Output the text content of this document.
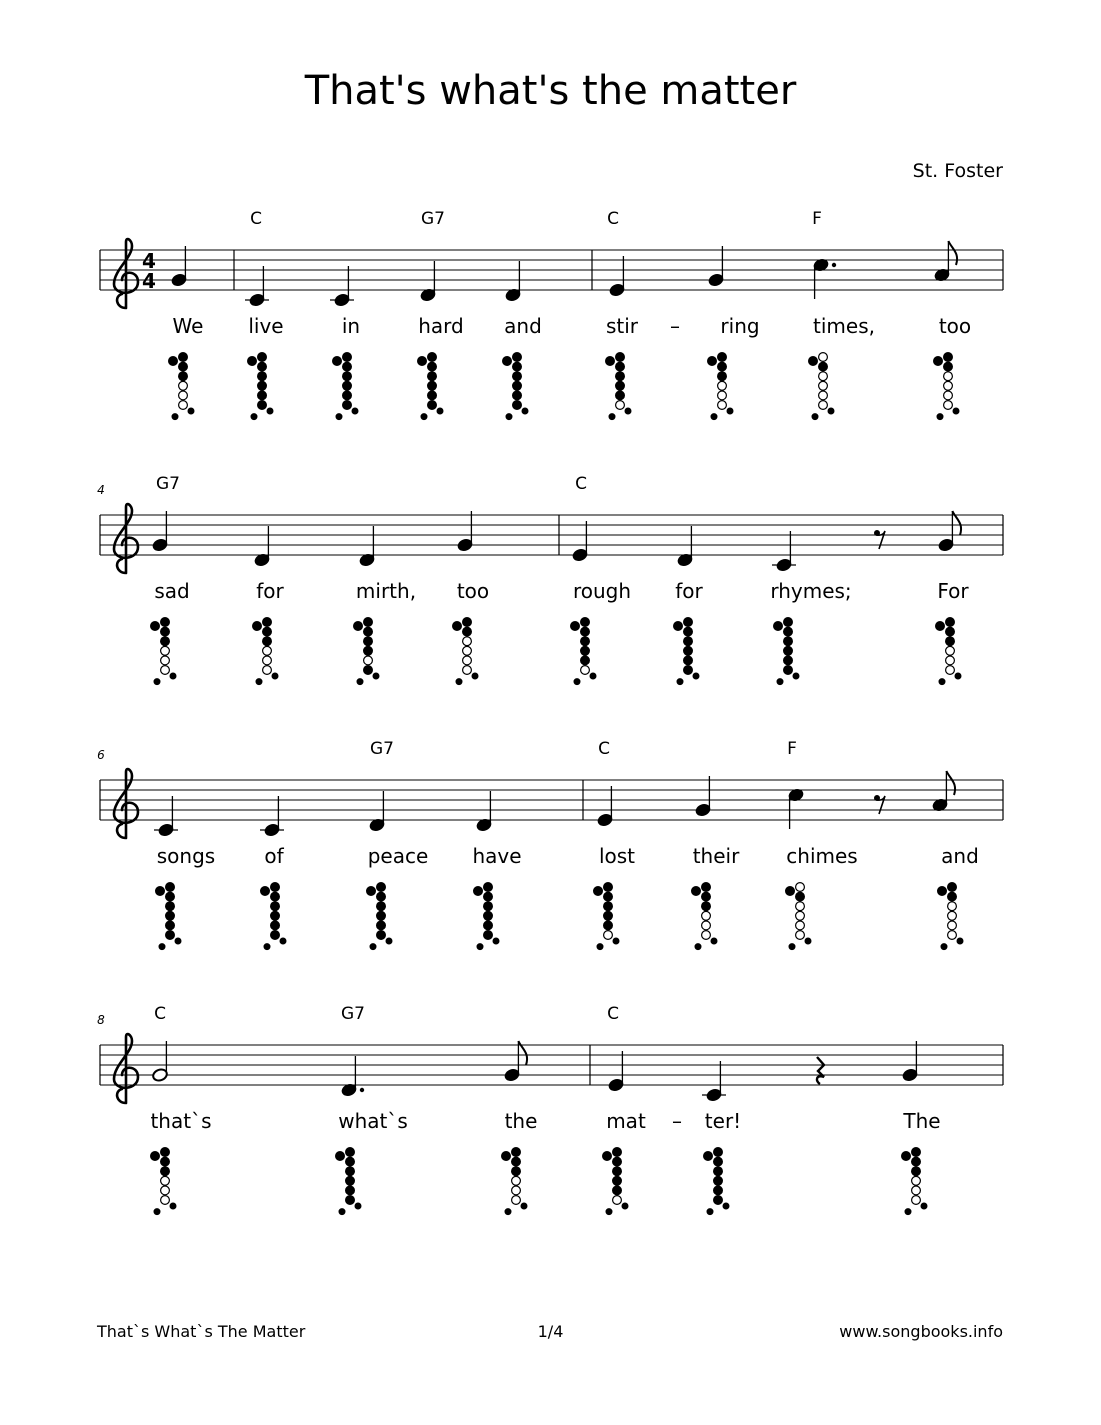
That's what's the matter
St. Foster
4
4
C	G7	C	F
We live	in	hard and	stir – ring	times,	too
4	G7	C
sad	for	mirth, too	rough for	rhymes;	For
6	G7	C	F
songs of	peace have	lost	their chimes	and
8	C	G7	C
that`s	what`s	the	mat – ter!	The
That`s What`s The Matter	1/4	www.songbooks.info
